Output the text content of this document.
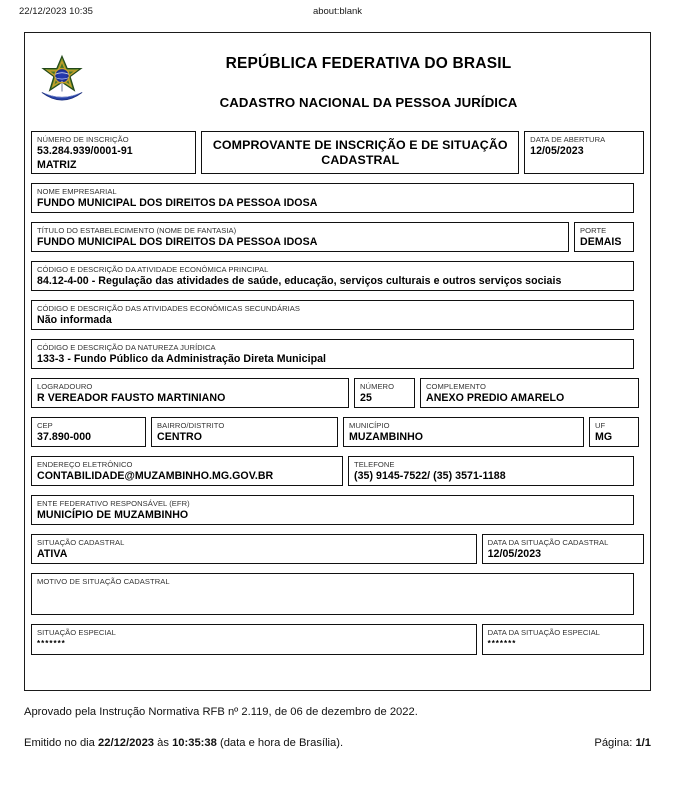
22/12/2023 10:35	about:blank
REPÚBLICA FEDERATIVA DO BRASIL
CADASTRO NACIONAL DA PESSOA JURÍDICA
NÚMERO DE INSCRIÇÃO
53.284.939/0001-91
MATRIZ
COMPROVANTE DE INSCRIÇÃO E DE SITUAÇÃO CADASTRAL
DATA DE ABERTURA
12/05/2023
NOME EMPRESARIAL
FUNDO MUNICIPAL DOS DIREITOS DA PESSOA IDOSA
TÍTULO DO ESTABELECIMENTO (NOME DE FANTASIA)
FUNDO MUNICIPAL DOS DIREITOS DA PESSOA IDOSA
PORTE
DEMAIS
CÓDIGO E DESCRIÇÃO DA ATIVIDADE ECONÔMICA PRINCIPAL
84.12-4-00 - Regulação das atividades de saúde, educação, serviços culturais e outros serviços sociais
CÓDIGO E DESCRIÇÃO DAS ATIVIDADES ECONÔMICAS SECUNDÁRIAS
Não informada
CÓDIGO E DESCRIÇÃO DA NATUREZA JURÍDICA
133-3 - Fundo Público da Administração Direta Municipal
LOGRADOURO
R VEREADOR FAUSTO MARTINIANO
NÚMERO
25
COMPLEMENTO
ANEXO PREDIO AMARELO
CEP
37.890-000
BAIRRO/DISTRITO
CENTRO
MUNICÍPIO
MUZAMBINHO
UF
MG
ENDEREÇO ELETRÔNICO
CONTABILIDADE@MUZAMBINHO.MG.GOV.BR
TELEFONE
(35) 9145-7522/ (35) 3571-1188
ENTE FEDERATIVO RESPONSÁVEL (EFR)
MUNICÍPIO DE MUZAMBINHO
SITUAÇÃO CADASTRAL
ATIVA
DATA DA SITUAÇÃO CADASTRAL
12/05/2023
MOTIVO DE SITUAÇÃO CADASTRAL
SITUAÇÃO ESPECIAL
*******
DATA DA SITUAÇÃO ESPECIAL
*******
Aprovado pela Instrução Normativa RFB nº 2.119, de 06 de dezembro de 2022.
Emitido no dia 22/12/2023 às 10:35:38 (data e hora de Brasília).	Página: 1/1
